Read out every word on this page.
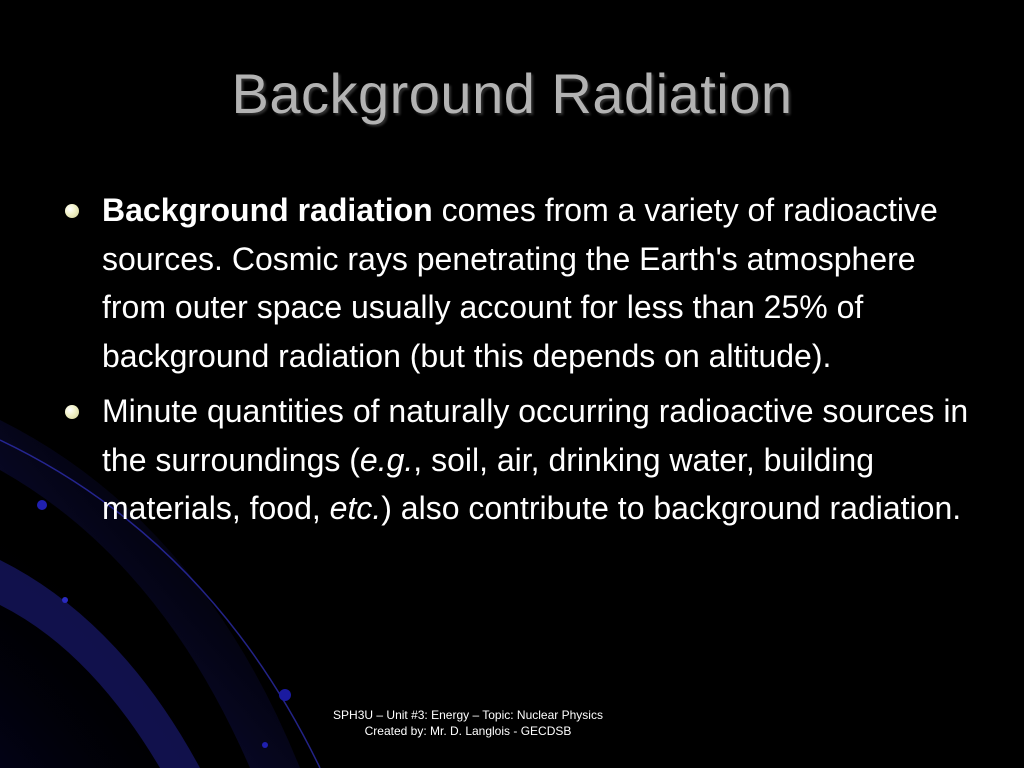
Background Radiation
Background radiation comes from a variety of radioactive sources. Cosmic rays penetrating the Earth's atmosphere from outer space usually account for less than 25% of background radiation (but this depends on altitude).
Minute quantities of naturally occurring radioactive sources in the surroundings (e.g., soil, air, drinking water, building materials, food, etc.) also contribute to background radiation.
SPH3U – Unit #3: Energy – Topic: Nuclear Physics
Created by: Mr. D. Langlois - GECDSB
